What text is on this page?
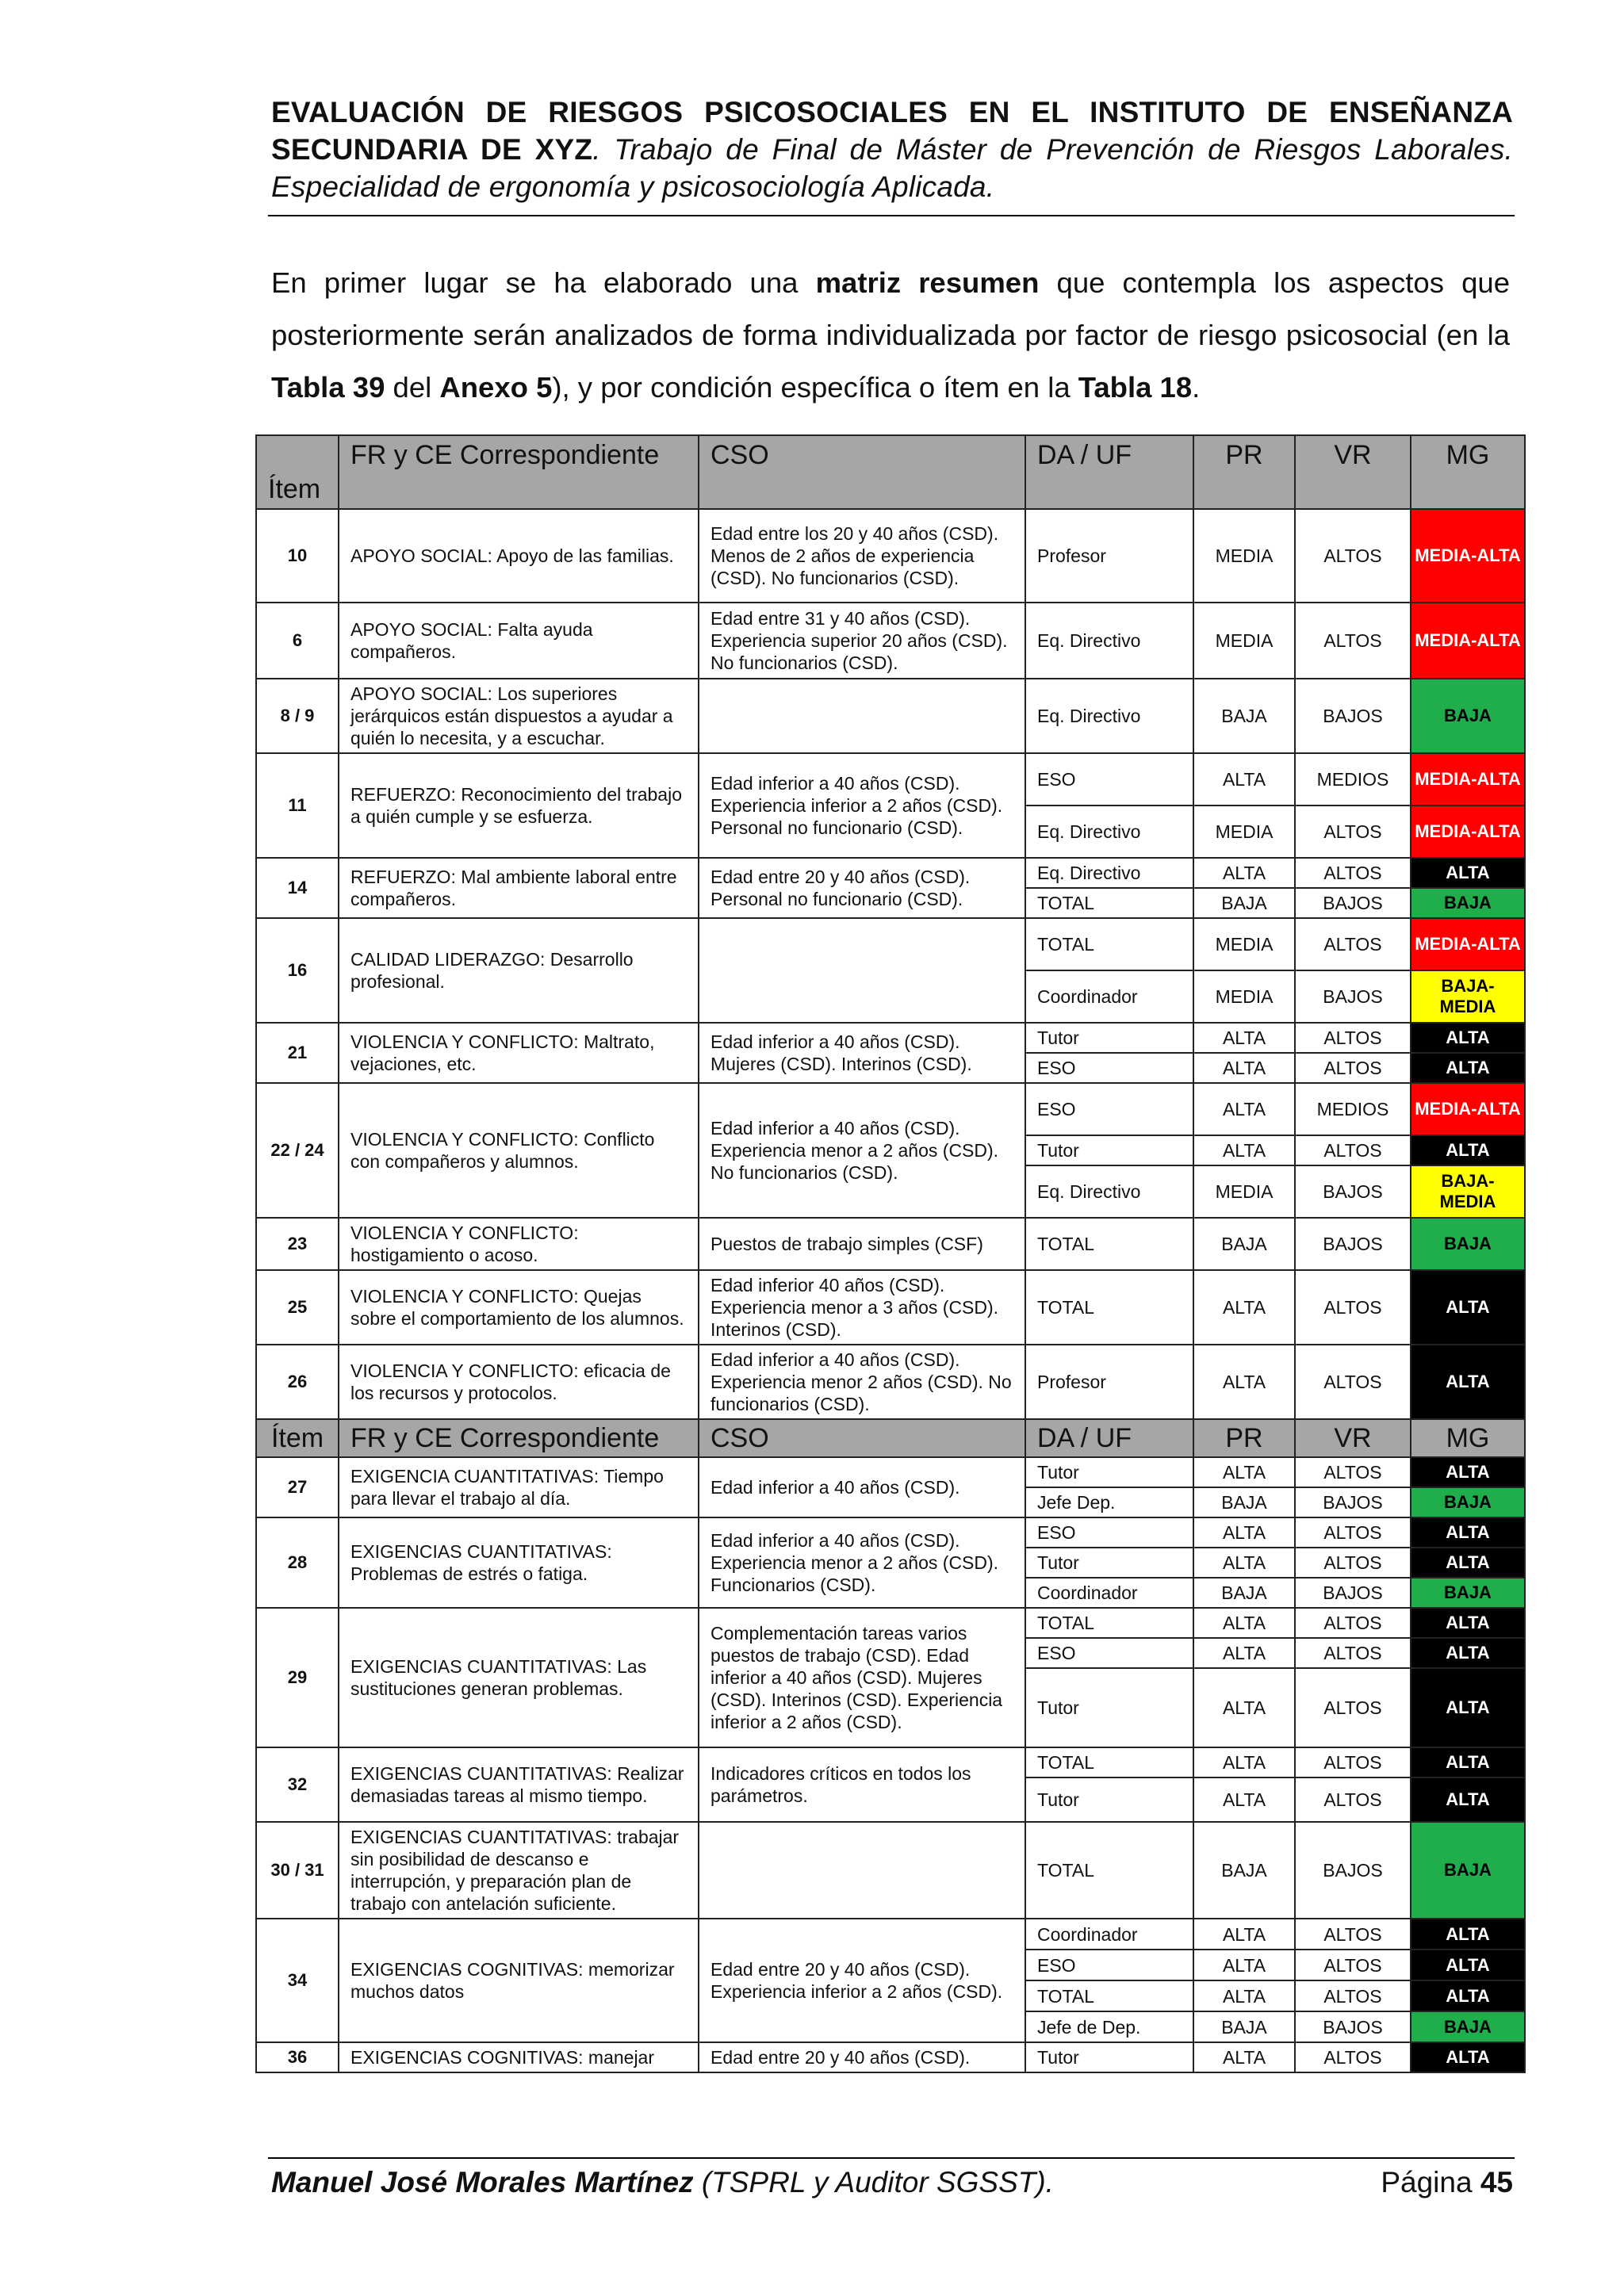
EVALUACIÓN DE RIESGOS PSICOSOCIALES EN EL INSTITUTO DE ENSEÑANZA SECUNDARIA DE XYZ. Trabajo de Final de Máster de Prevención de Riesgos Laborales. Especialidad de ergonomía y psicosociología Aplicada.
En primer lugar se ha elaborado una matriz resumen que contempla los aspectos que posteriormente serán analizados de forma individualizada por factor de riesgo psicosocial (en la Tabla 39 del Anexo 5), y por condición específica o ítem en la Tabla 18.
Ítem	FR y CE Correspondiente	CSO	DA / UF	PR	VR	MG
10	APOYO SOCIAL: Apoyo de las familias.	Edad entre los 20 y 40 años (CSD). Menos de 2 años de experiencia (CSD). No funcionarios (CSD).	Profesor	MEDIA	ALTOS	MEDIA-ALTA
6	APOYO SOCIAL: Falta ayuda compañeros.	Edad entre 31 y 40 años (CSD). Experiencia superior 20 años (CSD). No funcionarios (CSD).	Eq. Directivo	MEDIA	ALTOS	MEDIA-ALTA
8 / 9	APOYO SOCIAL: Los superiores jerárquicos están dispuestos a ayudar a quién lo necesita, y a escuchar.		Eq. Directivo	BAJA	BAJOS	BAJA
11	REFUERZO: Reconocimiento del trabajo a quién cumple y se esfuerza.	Edad inferior a 40 años (CSD). Experiencia inferior a 2 años (CSD). Personal no funcionario (CSD).	ESO	ALTA	MEDIOS	MEDIA-ALTA
			Eq. Directivo	MEDIA	ALTOS	MEDIA-ALTA
14	REFUERZO: Mal ambiente laboral entre compañeros.	Edad entre 20 y 40 años (CSD). Personal no funcionario (CSD).	Eq. Directivo	ALTA	ALTOS	ALTA
			TOTAL	BAJA	BAJOS	BAJA
16	CALIDAD LIDERAZGO: Desarrollo profesional.		TOTAL	MEDIA	ALTOS	MEDIA-ALTA
			Coordinador	MEDIA	BAJOS	BAJA-MEDIA
21	VIOLENCIA Y CONFLICTO: Maltrato, vejaciones, etc.	Edad inferior a 40 años (CSD). Mujeres (CSD). Interinos (CSD).	Tutor	ALTA	ALTOS	ALTA
			ESO	ALTA	ALTOS	ALTA
22 / 24	VIOLENCIA Y CONFLICTO: Conflicto con compañeros y alumnos.	Edad inferior a 40 años (CSD). Experiencia menor a 2 años (CSD). No funcionarios (CSD).	ESO	ALTA	MEDIOS	MEDIA-ALTA
			Tutor	ALTA	ALTOS	ALTA
			Eq. Directivo	MEDIA	BAJOS	BAJA-MEDIA
23	VIOLENCIA Y CONFLICTO: hostigamiento o acoso.	Puestos de trabajo simples (CSF)	TOTAL	BAJA	BAJOS	BAJA
25	VIOLENCIA Y CONFLICTO: Quejas sobre el comportamiento de los alumnos.	Edad inferior 40 años (CSD). Experiencia menor a 3 años (CSD). Interinos (CSD).	TOTAL	ALTA	ALTOS	ALTA
26	VIOLENCIA Y CONFLICTO: eficacia de los recursos y protocolos.	Edad inferior a 40 años (CSD). Experiencia menor 2 años (CSD). No funcionarios (CSD).	Profesor	ALTA	ALTOS	ALTA
Ítem	FR y CE Correspondiente	CSO	DA / UF	PR	VR	MG
27	EXIGENCIA CUANTITATIVAS: Tiempo para llevar el trabajo al día.	Edad inferior a 40 años (CSD).	Tutor	ALTA	ALTOS	ALTA
			Jefe Dep.	BAJA	BAJOS	BAJA
28	EXIGENCIAS CUANTITATIVAS: Problemas de estrés o fatiga.	Edad inferior a 40 años (CSD). Experiencia menor a 2 años (CSD). Funcionarios (CSD).	ESO	ALTA	ALTOS	ALTA
			Tutor	ALTA	ALTOS	ALTA
			Coordinador	BAJA	BAJOS	BAJA
29	EXIGENCIAS CUANTITATIVAS: Las sustituciones generan problemas.	Complementación tareas varios puestos de trabajo (CSD). Edad inferior a 40 años (CSD). Mujeres (CSD). Interinos (CSD). Experiencia inferior a 2 años (CSD).	TOTAL	ALTA	ALTOS	ALTA
			ESO	ALTA	ALTOS	ALTA
			Tutor	ALTA	ALTOS	ALTA
32	EXIGENCIAS CUANTITATIVAS: Realizar demasiadas tareas al mismo tiempo.	Indicadores críticos en todos los parámetros.	TOTAL	ALTA	ALTOS	ALTA
			Tutor	ALTA	ALTOS	ALTA
30 / 31	EXIGENCIAS CUANTITATIVAS: trabajar sin posibilidad de descanso e interrupción, y preparación plan de trabajo con antelación suficiente.		TOTAL	BAJA	BAJOS	BAJA
34	EXIGENCIAS COGNITIVAS: memorizar muchos datos	Edad entre 20 y 40 años (CSD). Experiencia inferior a 2 años (CSD).	Coordinador	ALTA	ALTOS	ALTA
			ESO	ALTA	ALTOS	ALTA
			TOTAL	ALTA	ALTOS	ALTA
			Jefe de Dep.	BAJA	BAJOS	BAJA
36	EXIGENCIAS COGNITIVAS: manejar	Edad entre 20 y 40 años (CSD).	Tutor	ALTA	ALTOS	ALTA
Manuel José Morales Martínez (TSPRL y Auditor SGSST).	Página 45
